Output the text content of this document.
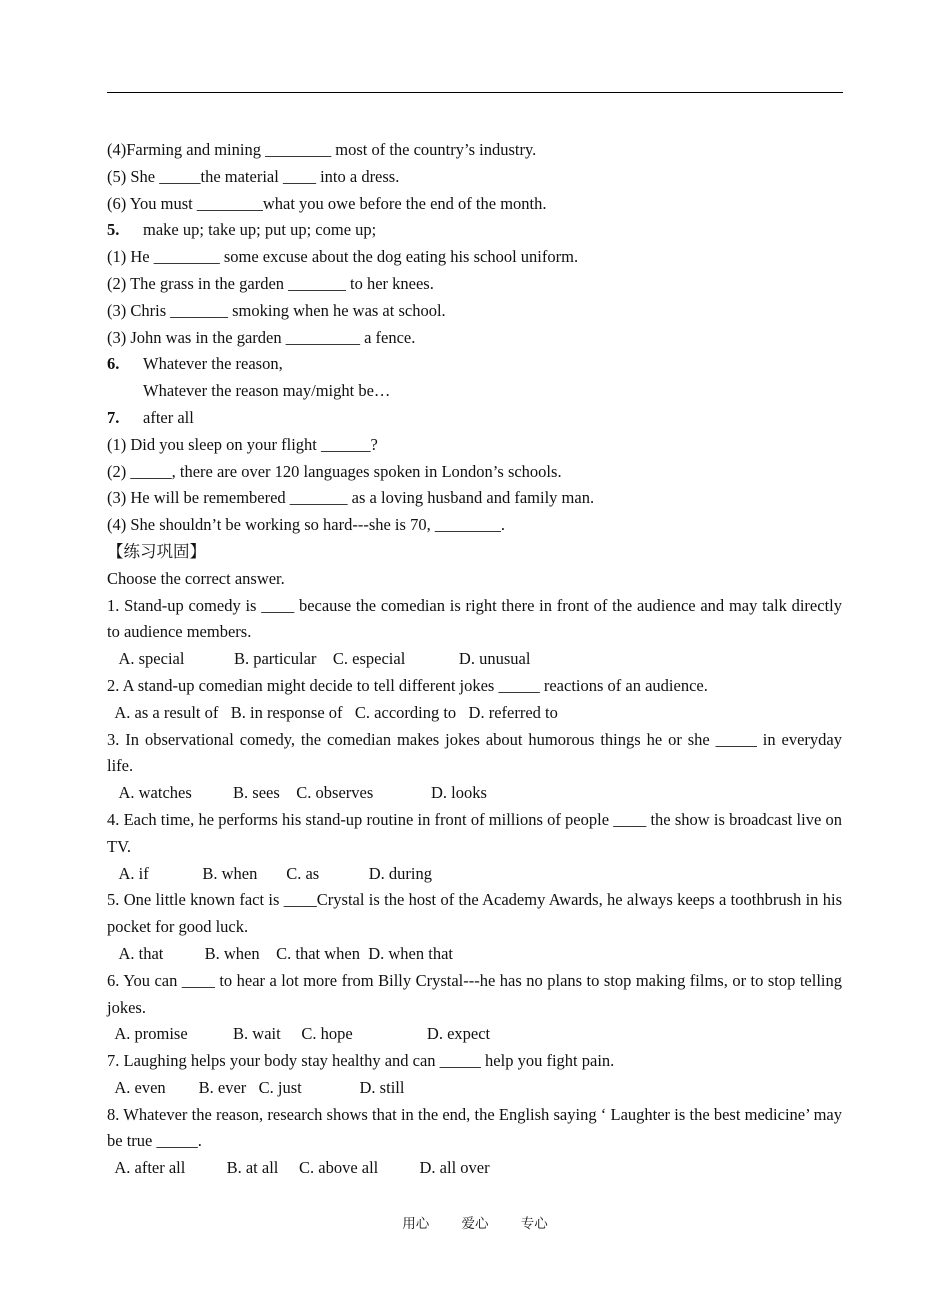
(4)Farming and mining ________ most of the country’s industry.
(5) She _____the material ____ into a dress.
(6) You must ________what you owe before the end of the month.
5. make up; take up; put up; come up;
(1) He ________ some excuse about the dog eating his school uniform.
(2) The grass in the garden _______ to her knees.
(3) Chris _______ smoking when he was at school.
(3) John was in the garden _________ a fence.
6. Whatever the reason,
Whatever the reason may/might be…
7. after all
(1) Did you sleep on your flight ______?
(2) _____, there are over 120 languages spoken in London’s schools.
(3) He will be remembered _______ as a loving husband and family man.
(4) She shouldn’t be working so hard---she is 70, ________.
【练习巩固】
Choose the correct answer.
1. Stand-up comedy is ____ because the comedian is right there in front of the audience and may talk directly to audience members.
A. special            B. particular    C. especial             D. unusual
2. A stand-up comedian might decide to tell different jokes _____ reactions of an audience.
A. as a result of   B. in response of   C. according to   D. referred to
3. In observational comedy, the comedian makes jokes about humorous things he or she _____ in everyday life.
A. watches          B. sees    C. observes              D. looks
4. Each time, he performs his stand-up routine in front of millions of people ____ the show is broadcast live on TV.
A. if             B. when       C. as            D. during
5. One little known fact is ____Crystal is the host of the Academy Awards, he always keeps a toothbrush in his pocket for good luck.
A. that          B. when    C. that when  D. when that
6. You can ____ to hear a lot more from Billy Crystal---he has no plans to stop making films, or to stop telling jokes.
A. promise           B. wait     C. hope                  D. expect
7. Laughing helps your body stay healthy and can _____ help you fight pain.
A. even        B. ever   C. just              D. still
8. Whatever the reason, research shows that in the end, the English saying ‘ Laughter is the best medicine’ may be true _____.
A. after all          B. at all     C. above all          D. all over
用心 爱心 专心
